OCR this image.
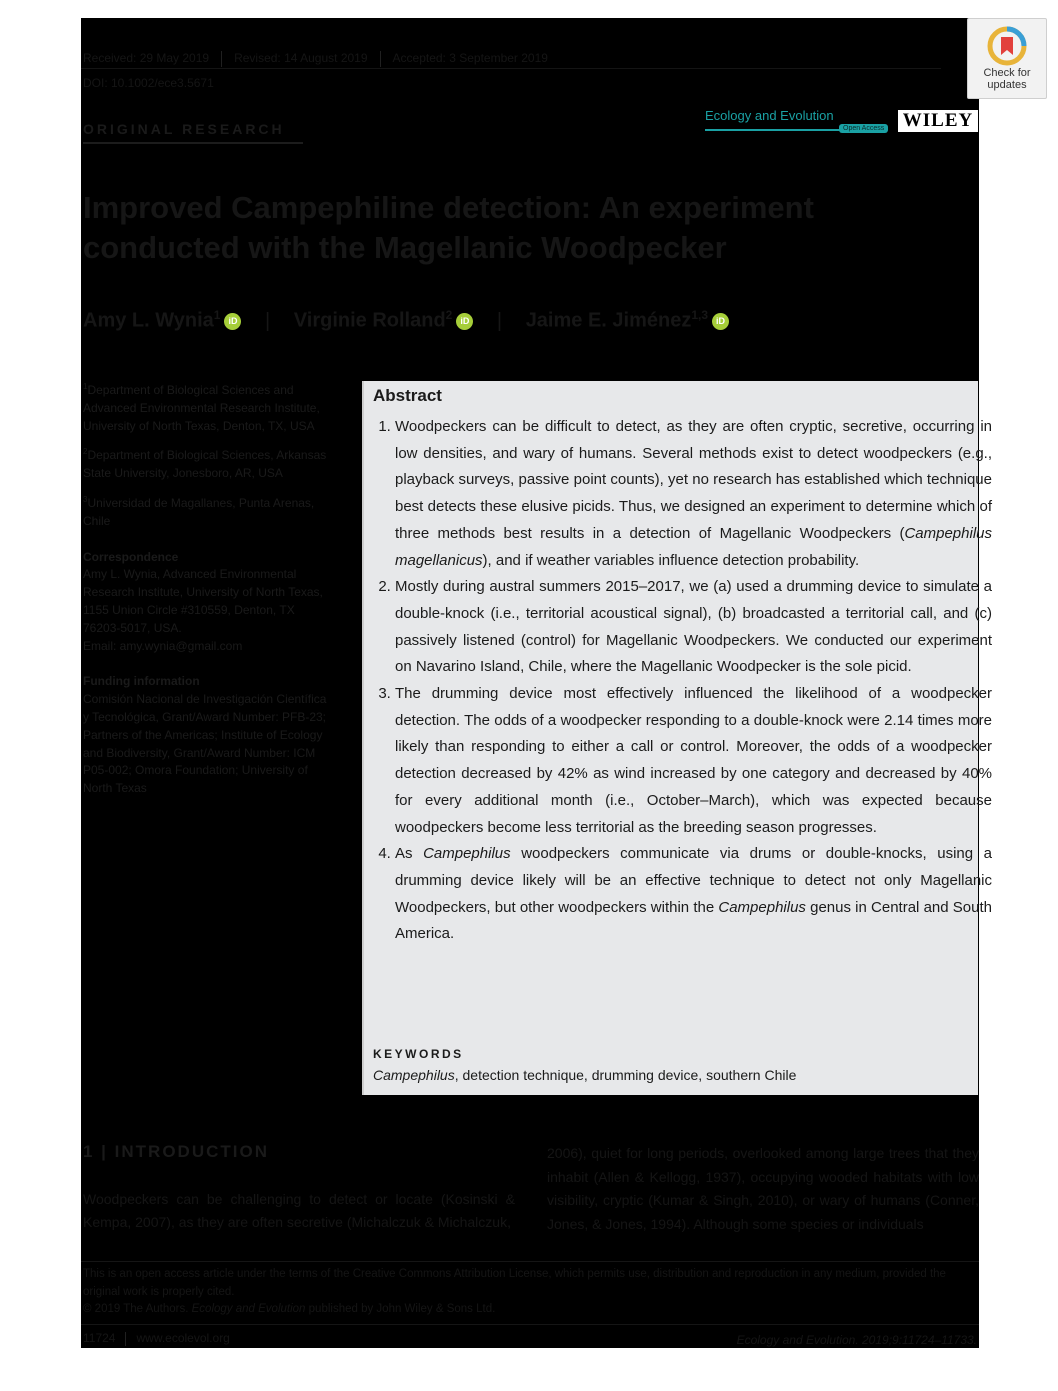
Received: 29 May 2019 Revised: 14 August 2019 Accepted: 3 September 2019
DOI: 10.1002/ece3.5671
ORIGINAL RESEARCH
Ecology and Evolution
Open Access WILEY
Check for
updates
Improved Campephiline detection: An experiment conducted with the Magellanic Woodpecker
Amy L. Wynia$^1$ iD | Virginie Rolland$^2$ iD | Jaime E. Jiménez$^{1,3}$ iD

$^1$Department of Biological Sciences and Advanced Environmental Research Institute, University of North Texas, Denton, TX, USA

$^2$Department of Biological Sciences, Arkansas State University, Jonesboro, AR, USA

$^3$Universidad de Magallanes, Punta Arenas, Chile

Correspondence

Amy L. Wynia, Advanced Environmental Research Institute, University of North Texas, 1155 Union Circle #310559, Denton, TX 76203-5017, USA.

Email: amy.wynia@gmail.com

Funding information

Comisión Nacional de Investigación Científica y Tecnológica, Grant/Award Number: PFB-23; Partners of the Americas; Institute of Ecology and Biodiversity, Grant/Award Number: ICM P05-002; Omora Foundation; University of North Texas

Abstract
1. Woodpeckers can be difficult to detect, as they are often cryptic, secretive, occurring in low densities, and wary of humans. Several methods exist to detect woodpeckers (e.g., playback surveys, passive point counts), yet no research has established which technique best detects these elusive picids. Thus, we designed an experiment to determine which of three methods best results in a detection of Magellanic Woodpeckers (Campephilus magellanicus), and if weather variables influence detection probability.
2. Mostly during austral summers 2015–2017, we (a) used a drumming device to simulate a double-knock (i.e., territorial acoustical signal), (b) broadcasted a territorial call, and (c) passively listened (control) for Magellanic Woodpeckers. We conducted our experiment on Navarino Island, Chile, where the Magellanic Woodpecker is the sole picid.
3. The drumming device most effectively influenced the likelihood of a woodpecker detection. The odds of a woodpecker responding to a double-knock were 2.14 times more likely than responding to either a call or control. Moreover, the odds of a woodpecker detection decreased by 42% as wind increased by one category and decreased by 40% for every additional month (i.e., October–March), which was expected because woodpeckers become less territorial as the breeding season progresses.
4. As Campephilus woodpeckers communicate via drums or double-knocks, using a drumming device likely will be an effective technique to detect not only Magellanic Woodpeckers, but other woodpeckers within the Campephilus genus in Central and South America.
KEYWORDS
Campephilus, detection technique, drumming device, southern Chile
1 | INTRODUCTION
Woodpeckers can be challenging to detect or locate (Kosinski & Kempa, 2007), as they are often secretive (Michalczuk & Michalczuk,
2006), quiet for long periods, overlooked among large trees that they inhabit (Allen & Kellogg, 1937), occupying wooded habitats with low visibility, cryptic (Kumar & Singh, 2010), or wary of humans (Conner, Jones, & Jones, 1994). Although some species or individuals
This is an open access article under the terms of the Creative Commons Attribution License, which permits use, distribution and reproduction in any medium, provided the original work is properly cited.
© 2019 The Authors. Ecology and Evolution published by John Wiley & Sons Ltd.
11724 www.ecolevol.org	Ecology and Evolution. 2019;9:11724–11733.
